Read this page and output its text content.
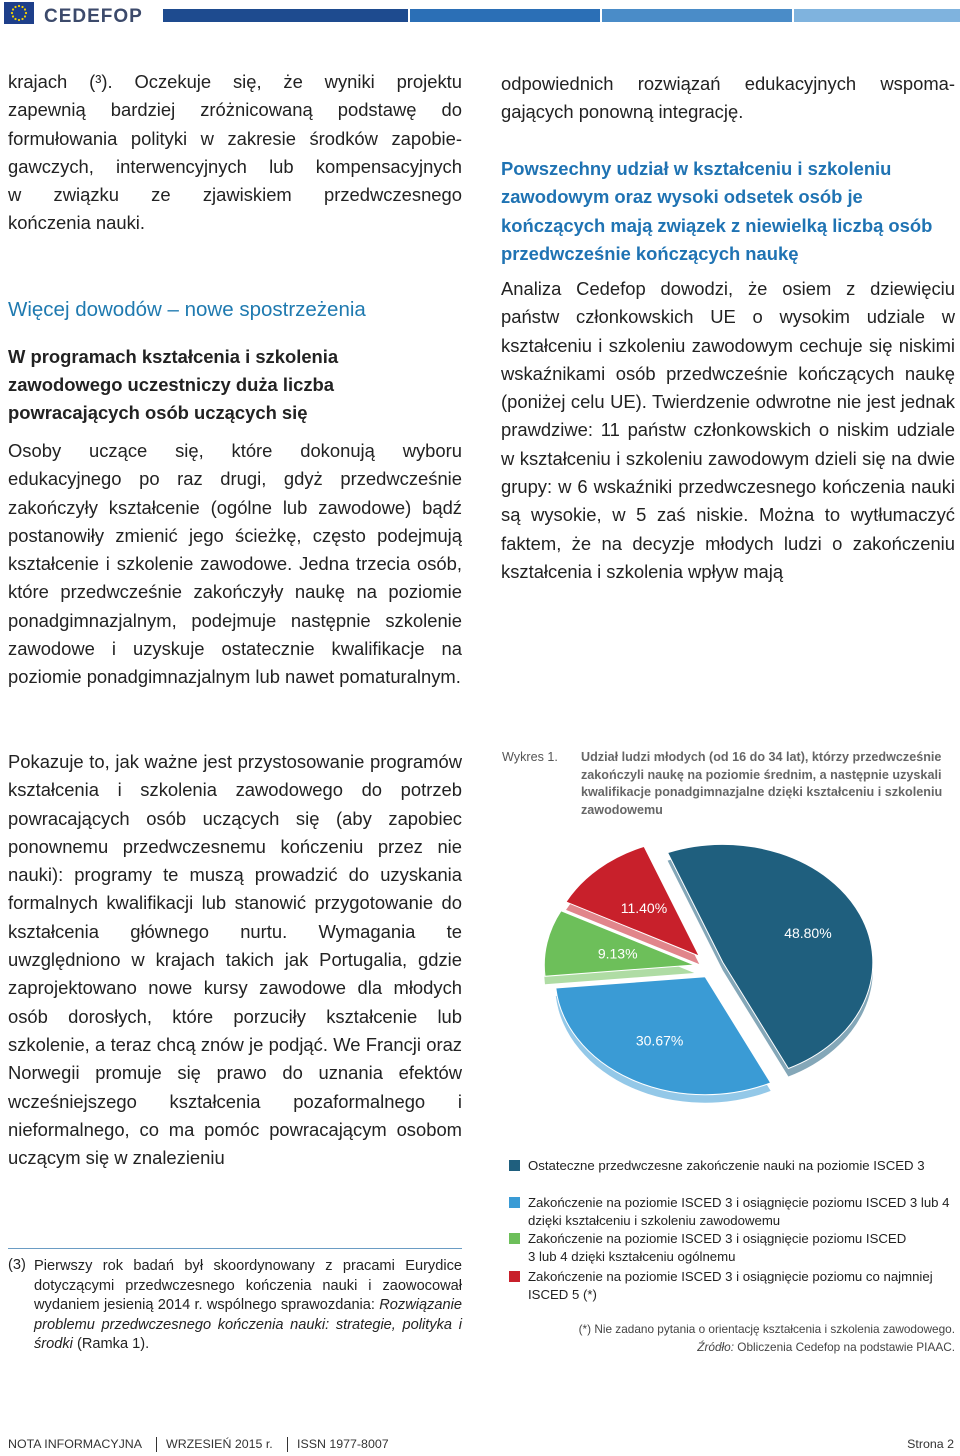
CEDEFOP

krajach (³). Oczekuje się, że wyniki projektu

zapewnią bardziej zróżnicowaną podstawę do

formułowania polityki w zakresie środków zapobie-

gawczych, interwencyjnych lub kompensacyjnych

w związku ze zjawiskiem przedwczesnego

kończenia nauki.

Więcej dowodów – nowe spostrzeżenia
W programach kształcenia i szkolenia zawodowego uczestniczy duża liczba powracających osób uczących się
Osoby uczące się, które dokonują wyboru edukacyjnego po raz drugi, gdyż przedwcześnie zakończyły kształcenie (ogólne lub zawodowe) bądź postanowiły zmienić jego ścieżkę, często podejmują kształcenie i szkolenie zawodowe. Jedna trzecia osób, które przedwcześnie zakończyły naukę na poziomie ponadgimnazjalnym, podejmuje następnie szkolenie zawodowe i uzyskuje ostatecznie kwalifikacje na poziomie ponadgimnazjalnym lub nawet pomaturalnym.
Pokazuje to, jak ważne jest przystosowanie programów kształcenia i szkolenia zawodowego do potrzeb powracających osób uczących się (aby zapobiec ponownemu przedwczesnemu kończeniu przez nie nauki): programy te muszą prowadzić do uzyskania formalnych kwalifikacji lub stanowić przygotowanie do kształcenia głównego nurtu. Wymagania te uwzględniono w krajach takich jak Portugalia, gdzie zaprojektowano nowe kursy zawodowe dla młodych osób dorosłych, które porzuciły kształcenie lub szkolenie, a teraz chcą znów je podjąć. We Francji oraz Norwegii promuje się prawo do uznania efektów wcześniejszego kształcenia pozaformalnego i nieformalnego, co ma pomóc powracającym osobom uczącym się w znalezieniu
(3) Pierwszy rok badań był skoordynowany z pracami Eurydice dotyczącymi przedwczesnego kończenia nauki i zaowocował wydaniem jesienią 2014 r. wspólnego sprawozdania: Rozwiązanie problemu przedwczesnego kończenia nauki: strategie, polityka i środki (Ramka 1).
odpowiednich rozwiązań edukacyjnych wspomagających ponowną integrację.
Powszechny udział w kształceniu i szkoleniu zawodowym oraz wysoki odsetek osób je kończących mają związek z niewielką liczbą osób przedwcześnie kończących naukę
Analiza Cedefop dowodzi, że osiem z dziewięciu państw członkowskich UE o wysokim udziale w kształceniu i szkoleniu zawodowym cechuje się niskimi wskaźnikami osób przedwcześnie kończących naukę (poniżej celu UE). Twierdzenie odwrotne nie jest jednak prawdziwe: 11 państw członkowskich o niskim udziale w kształceniu i szkoleniu zawodowym dzieli się na dwie grupy: w 6 wskaźniki przedwczesnego kończenia nauki są wysokie, w 5 zaś niskie. Można to wytłumaczyć faktem, że na decyzje młodych ludzi o zakończeniu kształcenia i szkolenia wpływ mają
Wykres 1. Udział ludzi młodych (od 16 do 34 lat), którzy przedwcześnie zakończyli naukę na poziomie średnim, a następnie uzyskali kwalifikacje ponadgimnazjalne dzięki kształceniu i szkoleniu zawodowemu
48.80%
30.67%
9.13%
11.40%
Ostateczne przedwczesne zakończenie nauki na poziomie ISCED 3
Zakończenie na poziomie ISCED 3 i osiągnięcie poziomu ISCED 3 lub 4 dzięki kształceniu i szkoleniu zawodowemu
Zakończenie na poziomie ISCED 3 i osiągnięcie poziomu ISCED 3 lub 4 dzięki kształceniu ogólnemu
Zakończenie na poziomie ISCED 3 i osiągnięcie poziomu co najmniej ISCED 5 (*)
(*) Nie zadano pytania o orientację kształcenia i szkolenia zawodowego.
Źródło: Obliczenia Cedefop na podstawie PIAAC.
NOTA INFORMACYJNA WRZESIEŃ 2015 r. ISSN 1977-8007	Strona 2
